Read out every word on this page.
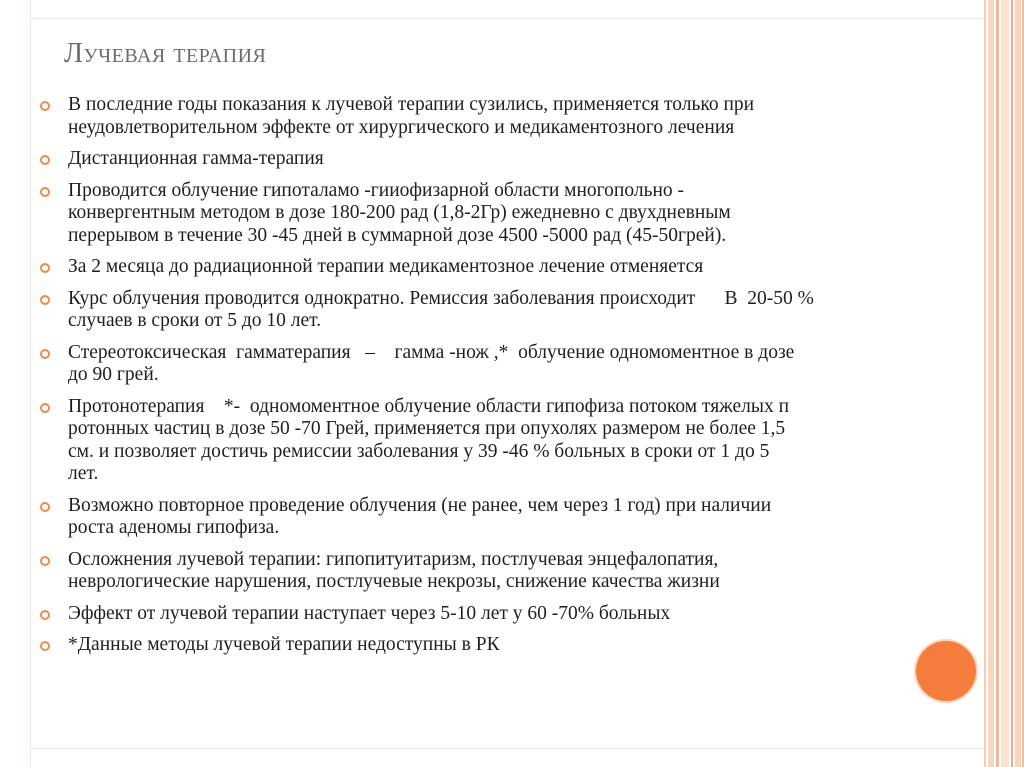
Лучевая терапия
В последние годы показания к лучевой терапии сузились, применяется только при
неудовлетворительном эффекте от хирургического и медикаментозного лечения
Дистанционная гамма-терапия
Проводится облучение гипоталамо -гииофизарной области многопольно -
конвергентным методом в дозе 180-200 рад (1,8-2Гр) ежедневно с двухдневным
перерывом в течение 30 -45 дней в суммарной дозе 4500 -5000 рад (45-50грей).
За 2 месяца до радиационной терапии медикаментозное лечение отменяется
Курс облучения проводится однократно. Ремиссия заболевания происходит      В  20-50 %
случаев в сроки от 5 до 10 лет.
Стереотоксическая  гамматерапия   –    гамма -нож ,*  облучение одномоментное в дозе
до 90 грей.
Протонотерапия    *-  одномоментное облучение области гипофиза потоком тяжелых п
ротонных частиц в дозе 50 -70 Грей, применяется при опухолях размером не более 1,5
см. и позволяет достичь ремиссии заболевания у 39 -46 % больных в сроки от 1 до 5
лет.
Возможно повторное проведение облучения (не ранее, чем через 1 год) при наличии
роста аденомы гипофиза.
Осложнения лучевой терапии: гипопитуитаризм, постлучевая энцефалопатия,
неврологические нарушения, постлучевые некрозы, снижение качества жизни
Эффект от лучевой терапии наступает через 5-10 лет у 60 -70% больных
*Данные методы лучевой терапии недоступны в РК
